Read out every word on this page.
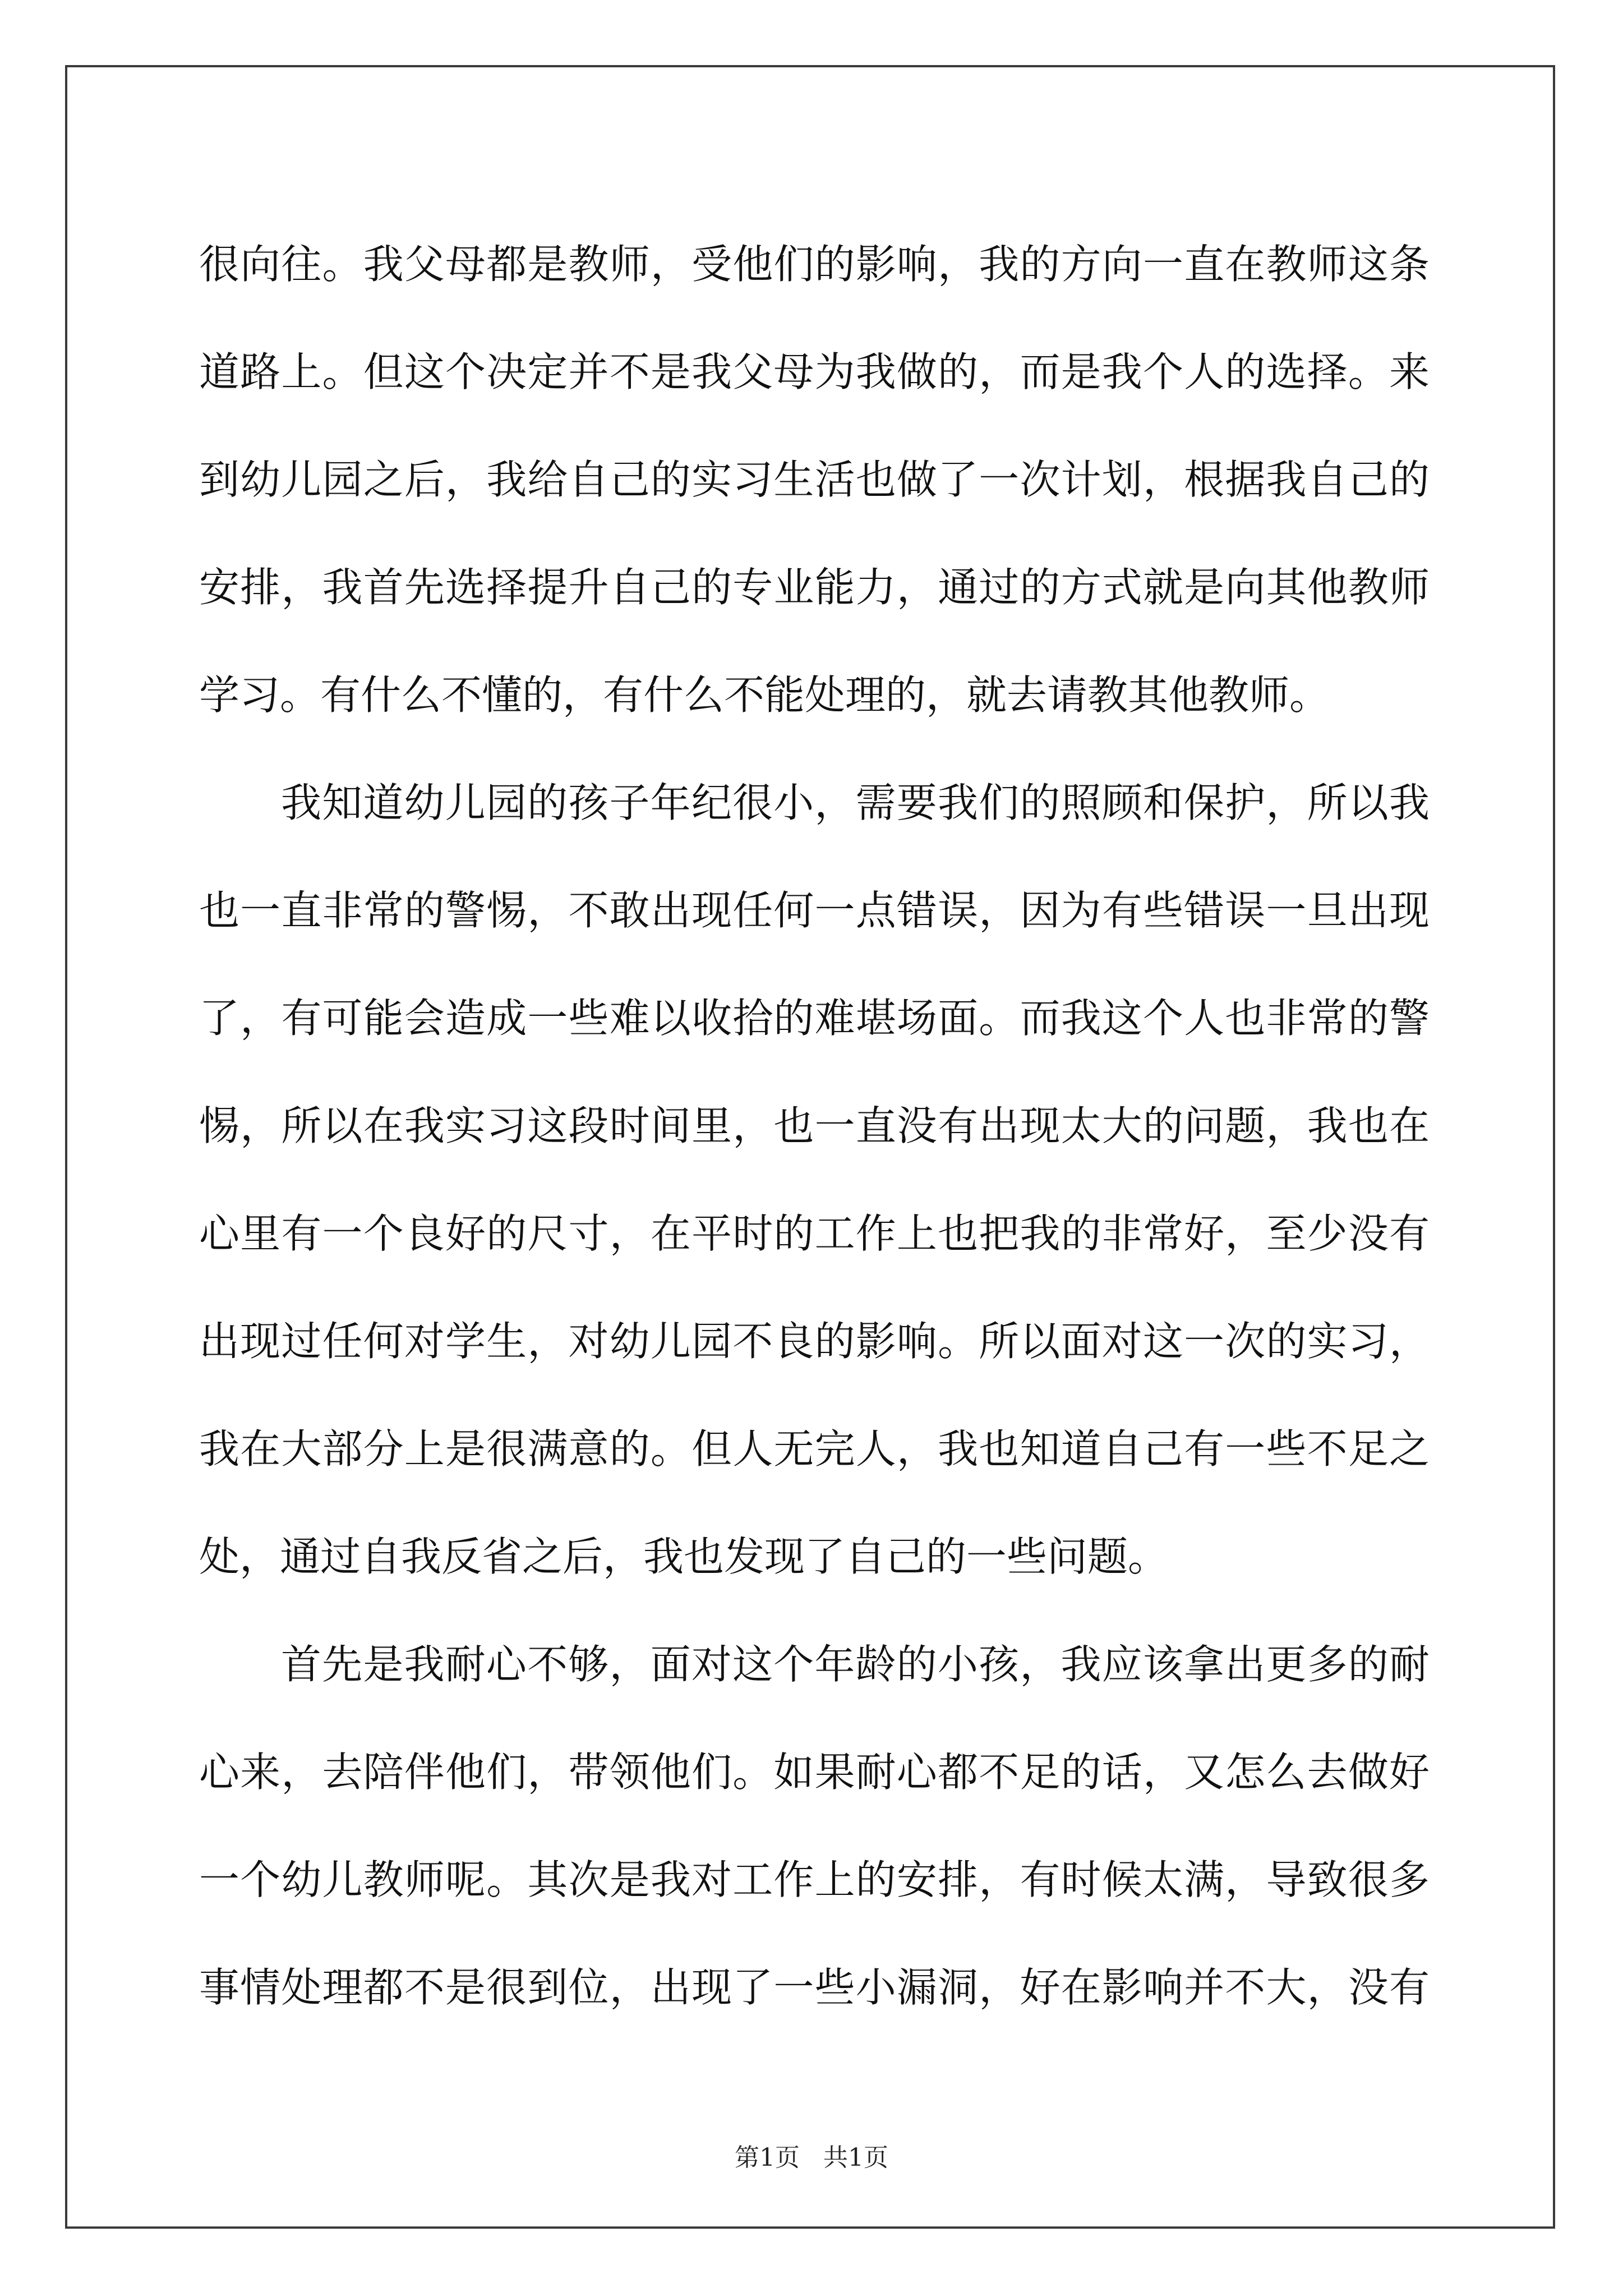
很向往。我父母都是教师，受他们的影响，我的方向一直在教师这条
道路上。但这个决定并不是我父母为我做的，而是我个人的选择。来
到幼儿园之后，我给自己的实习生活也做了一次计划，根据我自己的
安排，我首先选择提升自己的专业能力，通过的方式就是向其他教师
学习。有什么不懂的，有什么不能处理的，就去请教其他教师。
我知道幼儿园的孩子年纪很小，需要我们的照顾和保护，所以我
也一直非常的警惕，不敢出现任何一点错误，因为有些错误一旦出现
了，有可能会造成一些难以收拾的难堪场面。而我这个人也非常的警
惕，所以在我实习这段时间里，也一直没有出现太大的问题，我也在
心里有一个良好的尺寸，在平时的工作上也把我的非常好，至少没有
出现过任何对学生，对幼儿园不良的影响。所以面对这一次的实习，
我在大部分上是很满意的。但人无完人，我也知道自己有一些不足之
处，通过自我反省之后，我也发现了自己的一些问题。
首先是我耐心不够，面对这个年龄的小孩，我应该拿出更多的耐
心来，去陪伴他们，带领他们。如果耐心都不足的话，又怎么去做好
一个幼儿教师呢。其次是我对工作上的安排，有时候太满，导致很多
事情处理都不是很到位，出现了一些小漏洞，好在影响并不大，没有
第1页 共1页
